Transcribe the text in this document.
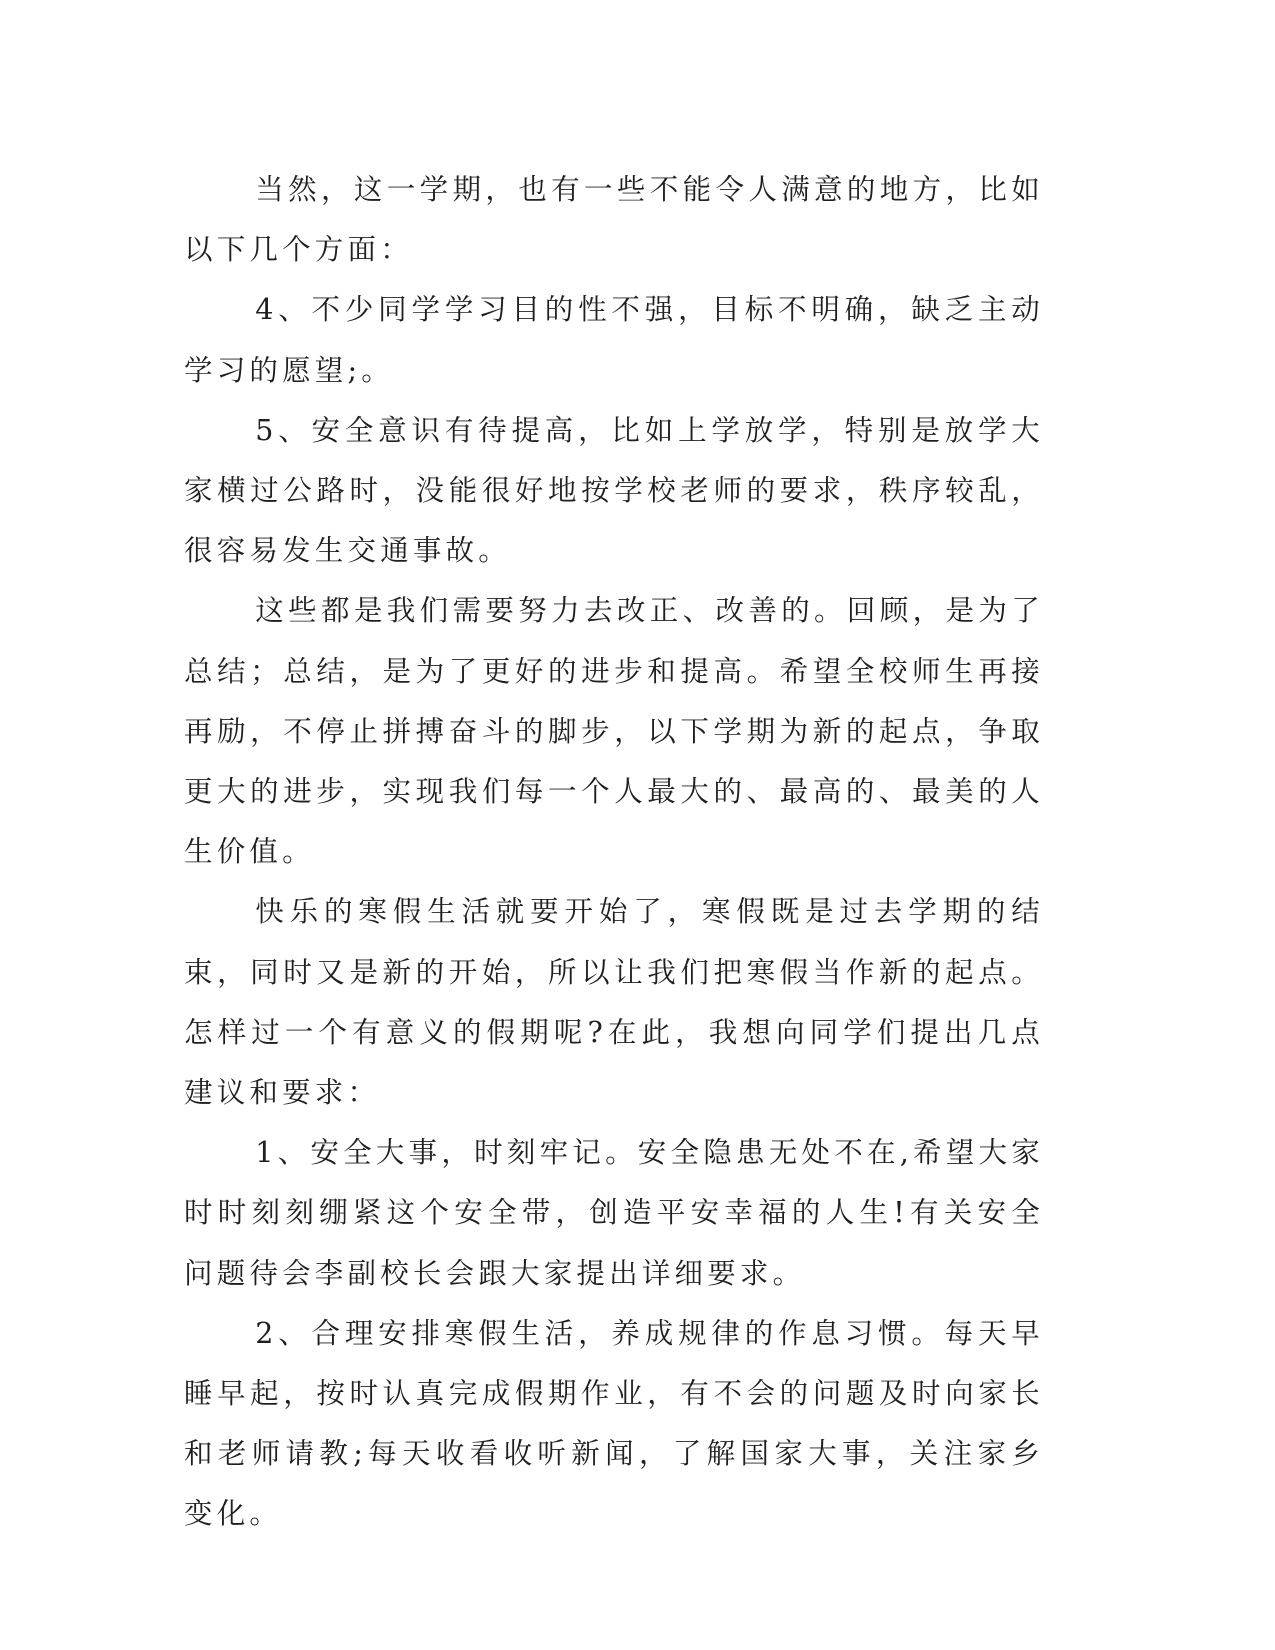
当然，这一学期，也有一些不能令人满意的地方，比如以下几个方面：

4、不少同学学习目的性不强，目标不明确，缺乏主动学习的愿望;。

5、安全意识有待提高，比如上学放学，特别是放学大家横过公路时，没能很好地按学校老师的要求，秩序较乱，很容易发生交通事故。

这些都是我们需要努力去改正、改善的。回顾，是为了总结；总结，是为了更好的进步和提高。希望全校师生再接再励，不停止拼搏奋斗的脚步，以下学期为新的起点，争取更大的进步，实现我们每一个人最大的、最高的、最美的人生价值。

快乐的寒假生活就要开始了，寒假既是过去学期的结束，同时又是新的开始，所以让我们把寒假当作新的起点。怎样过一个有意义的假期呢?在此，我想向同学们提出几点建议和要求：

1、安全大事，时刻牢记。安全隐患无处不在,希望大家时时刻刻绷紧这个安全带，创造平安幸福的人生!有关安全问题待会李副校长会跟大家提出详细要求。

2、合理安排寒假生活，养成规律的作息习惯。每天早睡早起，按时认真完成假期作业，有不会的问题及时向家长和老师请教;每天收看收听新闻，了解国家大事，关注家乡变化。
